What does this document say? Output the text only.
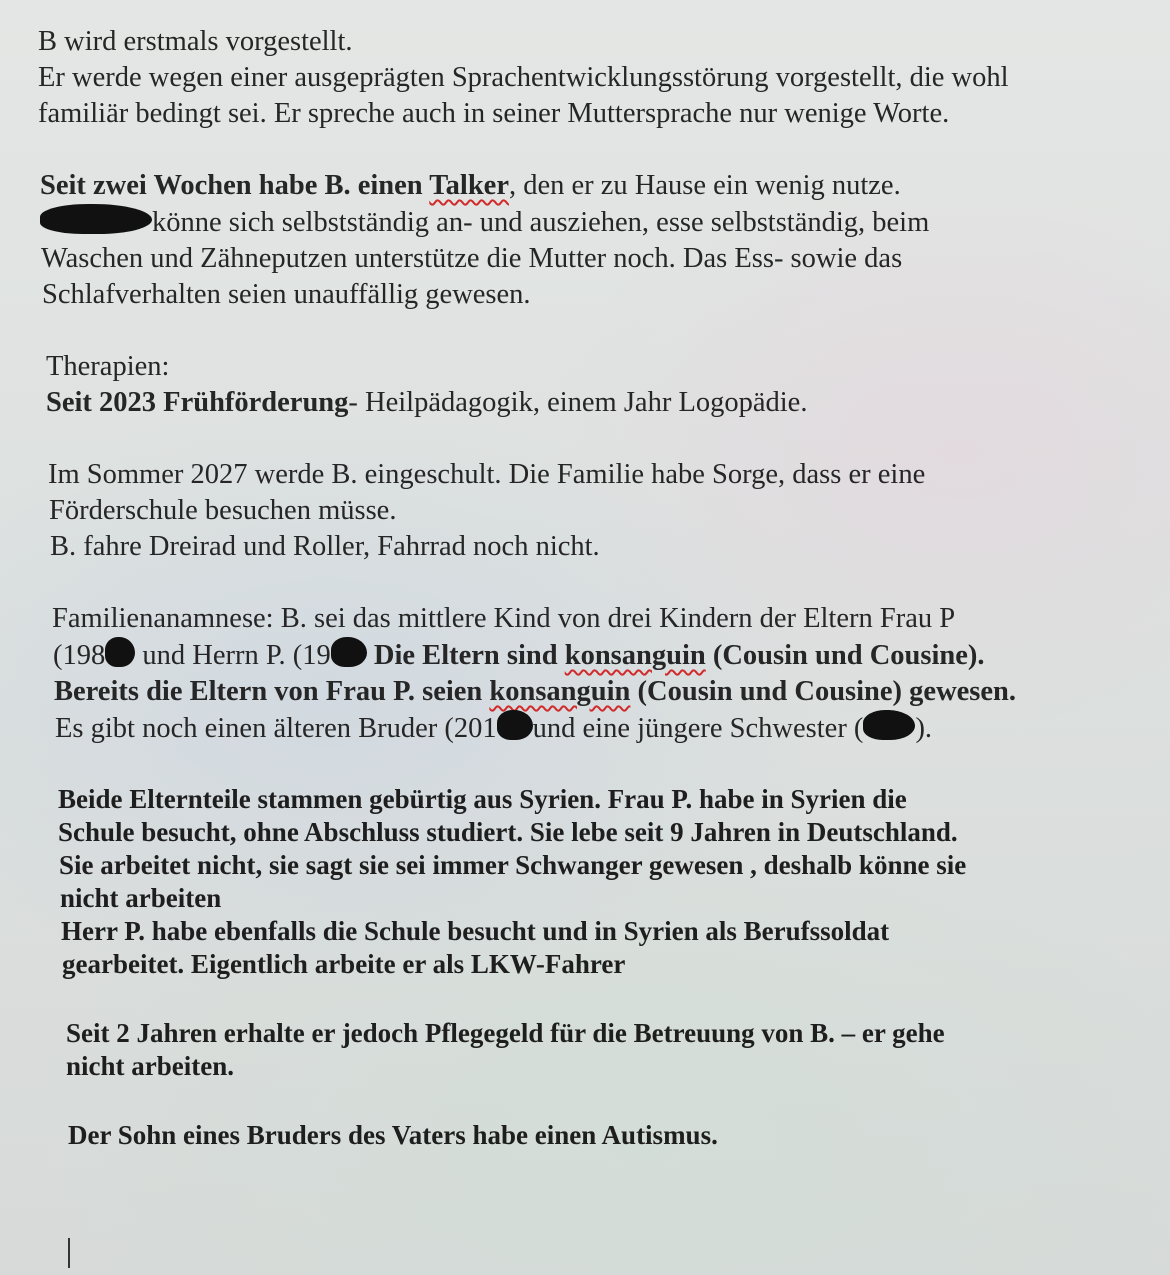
B wird erstmals vorgestellt.

Er werde wegen einer ausgeprägten Sprachentwicklungsstörung vorgestellt, die wohl

familiär bedingt sei. Er spreche auch in seiner Muttersprache nur wenige Worte.

Seit zwei Wochen habe B. einen Talker, den er zu Hause ein wenig nutze.

könne sich selbstständig an- und ausziehen, esse selbstständig, beim

Waschen und Zähneputzen unterstütze die Mutter noch. Das Ess- sowie das

Schlafverhalten seien unauffällig gewesen.

Therapien:

Seit 2023 Frühförderung- Heilpädagogik, einem Jahr Logopädie.

Im Sommer 2027 werde B. eingeschult. Die Familie habe Sorge, dass er eine

Förderschule besuchen müsse.

B. fahre Dreirad und Roller, Fahrrad noch nicht.

Familienanamnese: B. sei das mittlere Kind von drei Kindern der Eltern Frau P

(198 und Herrn P. (19 Die Eltern sind konsanguin (Cousin und Cousine).

Bereits die Eltern von Frau P. seien konsanguin (Cousin und Cousine) gewesen.

Es gibt noch einen älteren Bruder (201 und eine jüngere Schwester ( ).

Beide Elternteile stammen gebürtig aus Syrien. Frau P. habe in Syrien die

Schule besucht, ohne Abschluss studiert. Sie lebe seit 9 Jahren in Deutschland.

Sie arbeitet nicht, sie sagt sie sei immer Schwanger gewesen , deshalb könne sie

nicht arbeiten

Herr P. habe ebenfalls die Schule besucht und in Syrien als Berufssoldat

gearbeitet. Eigentlich arbeite er als LKW-Fahrer

Seit 2 Jahren erhalte er jedoch Pflegegeld für die Betreuung von B. – er gehe

nicht arbeiten.

Der Sohn eines Bruders des Vaters habe einen Autismus.
